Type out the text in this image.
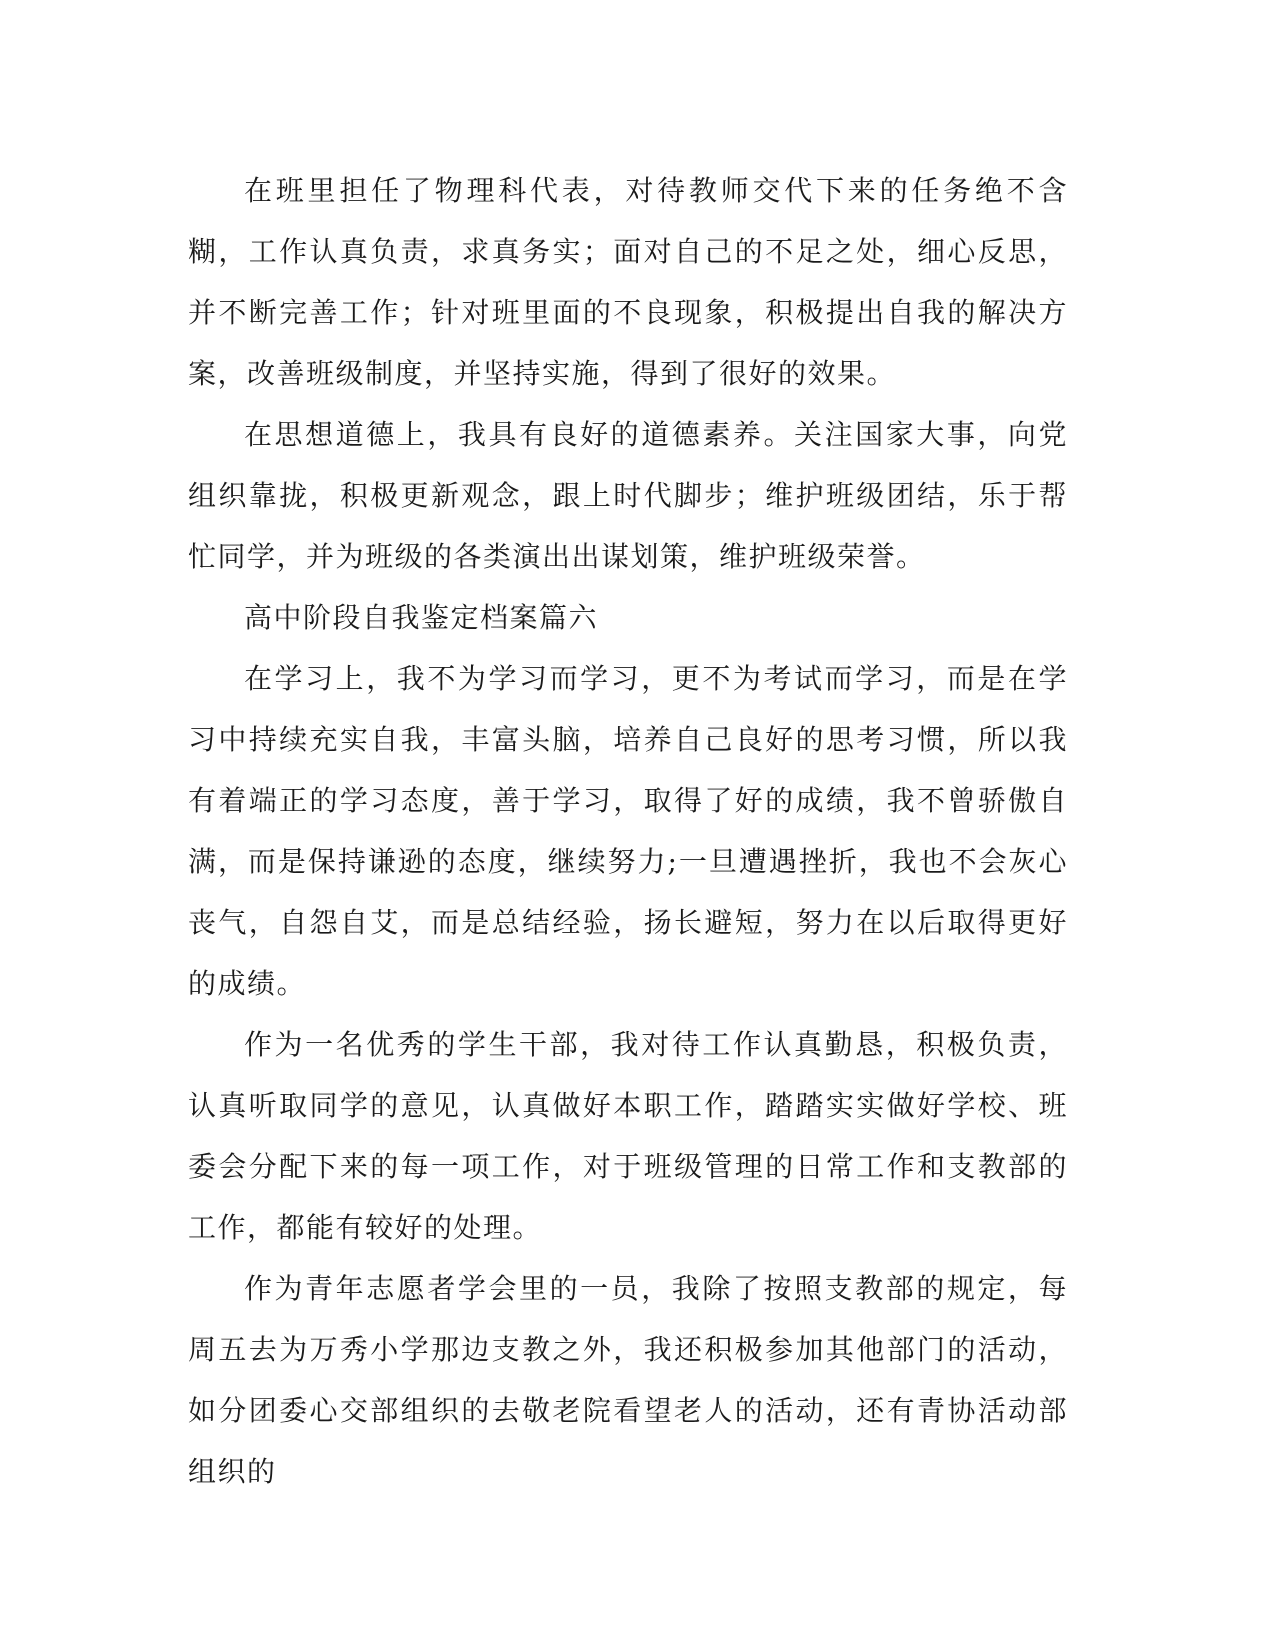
在班里担任了物理科代表，对待教师交代下来的任务绝不含糊，工作认真负责，求真务实；面对自己的不足之处，细心反思，并不断完善工作；针对班里面的不良现象，积极提出自我的解决方案，改善班级制度，并坚持实施，得到了很好的效果。

在思想道德上，我具有良好的道德素养。关注国家大事，向党组织靠拢，积极更新观念，跟上时代脚步；维护班级团结，乐于帮忙同学，并为班级的各类演出出谋划策，维护班级荣誉。

高中阶段自我鉴定档案篇六

在学习上，我不为学习而学习，更不为考试而学习，而是在学习中持续充实自我，丰富头脑，培养自己良好的思考习惯，所以我有着端正的学习态度，善于学习，取得了好的成绩，我不曾骄傲自满，而是保持谦逊的态度，继续努力;一旦遭遇挫折，我也不会灰心丧气，自怨自艾，而是总结经验，扬长避短，努力在以后取得更好的成绩。

作为一名优秀的学生干部，我对待工作认真勤恳，积极负责，认真听取同学的意见，认真做好本职工作，踏踏实实做好学校、班委会分配下来的每一项工作，对于班级管理的日常工作和支教部的工作，都能有较好的处理。

作为青年志愿者学会里的一员，我除了按照支教部的规定，每周五去为万秀小学那边支教之外，我还积极参加其他部门的活动，如分团委心交部组织的去敬老院看望老人的活动，还有青协活动部组织的
